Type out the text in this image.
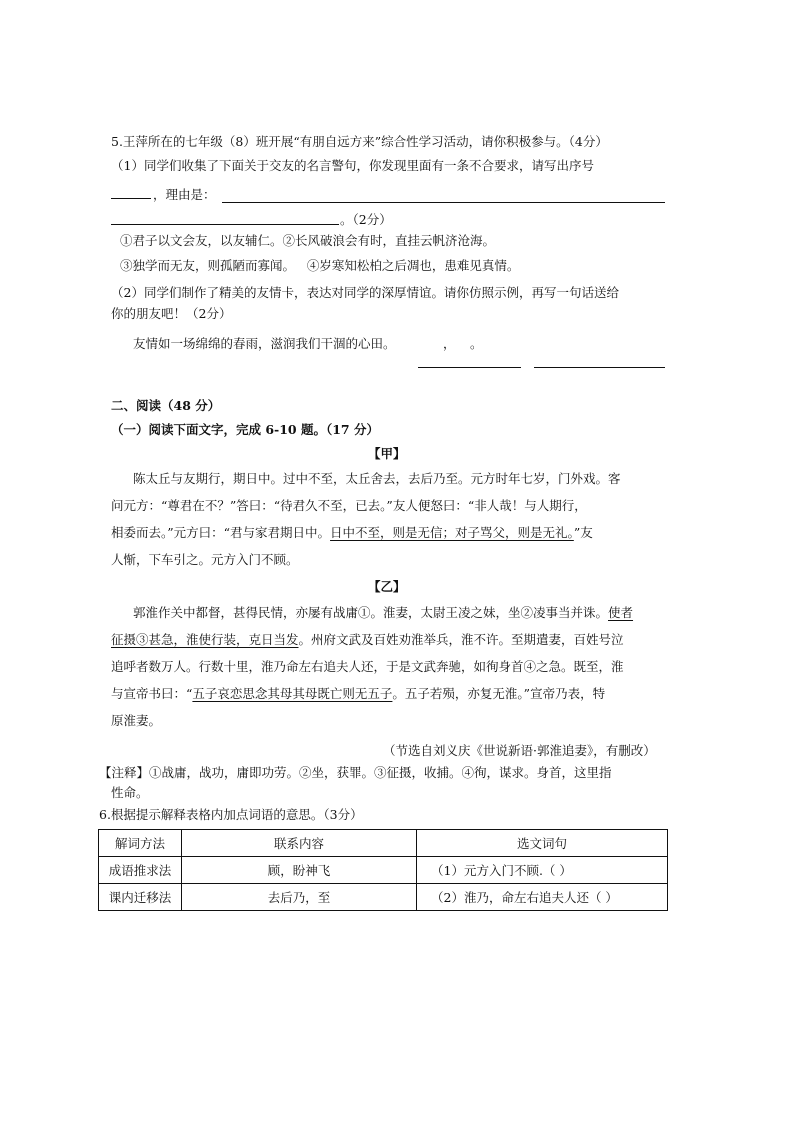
5.王萍所在的七年级（8）班开展“有朋自远方来”综合性学习活动，请你积极参与。（4分）
（1）同学们收集了下面关于交友的名言警句，你发现里面有一条不合要求，请写出序号
，理由是：
。（2分）
①君子以文会友，以友辅仁。②长风破浪会有时，直挂云帆济沧海。
③独学而无友，则孤陋而寡闻。   ④岁寒知松柏之后凋也，患难见真情。
（2）同学们制作了精美的友情卡，表达对同学的深厚情谊。请你仿照示例，再写一句话送给
你的朋友吧！（2分）
友情如一场绵绵的春雨，滋润我们干涸的心田。	， 。
二、阅读（48 分）
（一）阅读下面文字，完成 6-10 题。（17 分）
【甲】
陈太丘与友期行，期日中。过中不至，太丘舍去，去后乃至。元方时年七岁，门外戏。客
问元方：“尊君在不？”答曰：“待君久不至，已去。”友人便怒曰：“非人哉！与人期行，
相委而去。”元方曰：“君与家君期日中。日中不至，则是无信；对子骂父，则是无礼。”友
人惭，下车引之。元方入门不顾。
【乙】
郭淮作关中都督，甚得民情，亦屡有战庸①。淮妻，太尉王凌之妹，坐②凌事当并诛。使者
征摄③甚急，淮使行装，克日当发。州府文武及百姓劝淮举兵，淮不许。至期遣妻，百姓号泣
追呼者数万人。行数十里，淮乃命左右追夫人还，于是文武奔驰，如徇身首④之急。既至，淮
与宣帝书曰：“五子哀恋思念其母其母既亡则无五子。五子若殒，亦复无淮。”宣帝乃表，特
原淮妻。
（节选自刘义庆《世说新语·郭淮追妻》，有删改）
【注释】①战庸，战功，庸即功劳。②坐，获罪。③征摄，收捕。④徇，谋求。身首，这里指
性命。
6.根据提示解释表格内加点词语的意思。（3分）
解词方法	联系内容	选文词句
成语推求法	顾，盼神飞	（1）元方入门不顾.（ ）
课内迁移法	去后乃，至	（2）淮乃，命左右追夫人还（ ）
